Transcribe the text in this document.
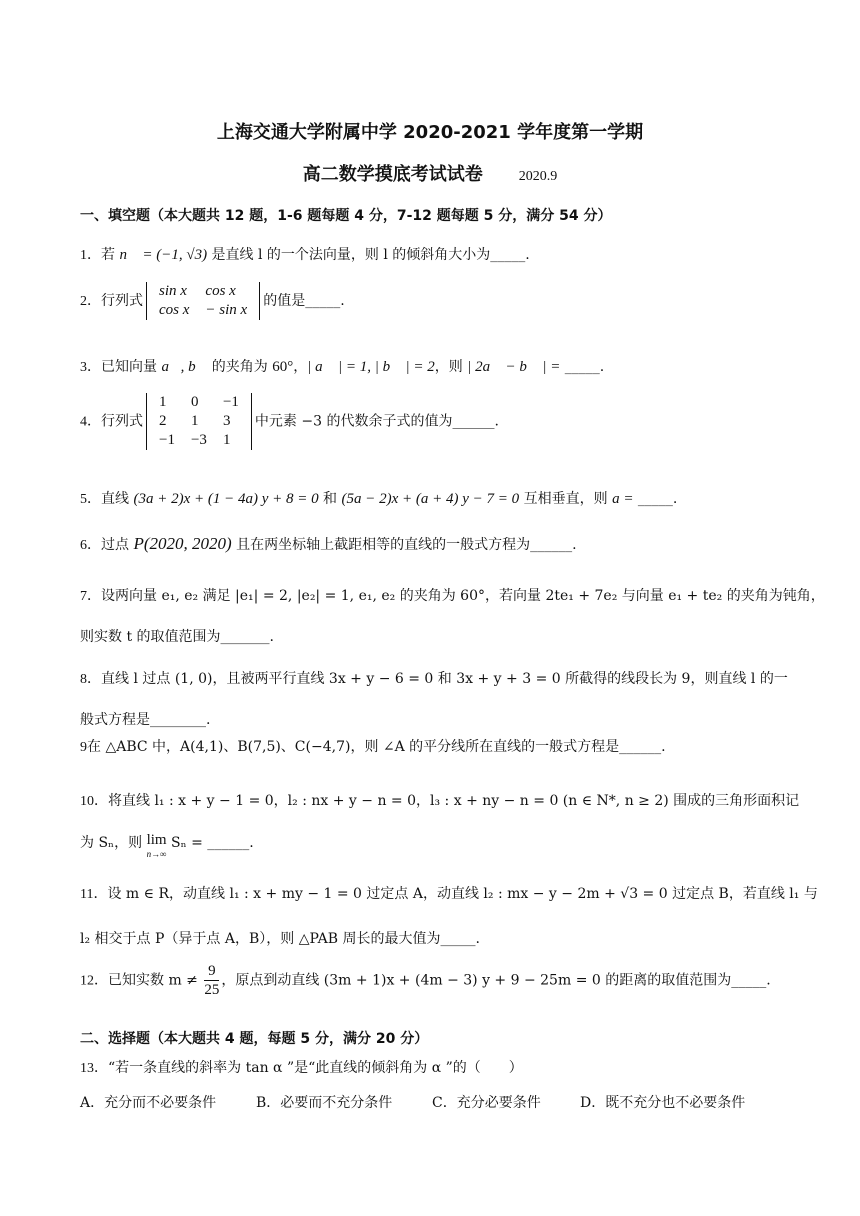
上海交通大学附属中学 2020-2021 学年度第一学期
高二数学摸底考试试卷	2020.9
一、填空题（本大题共 12 题，1-6 题每题 4 分，7-12 题每题 5 分，满分 54 分）
1．若 n⃗ = (−1, √3) 是直线 l 的一个法向量，则 l 的倾斜角大小为_____.
2．行列式
sin x	cos x
cos x	− sin x
的值是_____.
3．已知向量 a⃗, b⃗ 的夹角为 60°，| a⃗ | = 1, | b⃗ | = 2，则 | 2a⃗ − b⃗ | = _____.
4．行列式
1	0	−1
2	1	3
−1	−3	1
中元素 −3 的代数余子式的值为______.
5．直线 (3a + 2)x + (1 − 4a) y + 8 = 0 和 (5a − 2)x + (a + 4) y − 7 = 0 互相垂直，则 a = _____.
6．过点 P(2020, 2020) 且在两坐标轴上截距相等的直线的一般式方程为______.
7．设两向量 e₁, e₂ 满足 |e₁| = 2, |e₂| = 1, e₁, e₂ 的夹角为 60°，若向量 2te₁ + 7e₂ 与向量 e₁ + te₂ 的夹角为钝角，
则实数 t 的取值范围为_______.
8．直线 l 过点 (1, 0)，且被两平行直线 3x + y − 6 = 0 和 3x + y + 3 = 0 所截得的线段长为 9，则直线 l 的一
般式方程是________.
9在 △ABC 中，A(4,1)、B(7,5)、C(−4,7)，则 ∠A 的平分线所在直线的一般式方程是______.
10．将直线 l₁ : x + y − 1 = 0，l₂ : nx + y − n = 0，l₃ : x + ny − n = 0 (n ∈ N*, n ≥ 2) 围成的三角形面积记
为 Sₙ，则 lim
n→∞
Sₙ = ______.
11．设 m ∈ R，动直线 l₁ : x + my − 1 = 0 过定点 A，动直线 l₂ : mx − y − 2m + √3 = 0 过定点 B，若直线 l₁ 与
l₂ 相交于点 P（异于点 A，B），则 △PAB 周长的最大值为_____.
12．已知实数 $m \ne \frac{9}{25}$ ，原点到动直线 (3m + 1)x + (4m − 3) y + 9 − 25m = 0 的距离的取值范围为_____.
二、选择题（本大题共 4 题，每题 5 分，满分 20 分）
13．“若一条直线的斜率为 tan α ”是“此直线的倾斜角为 α ”的（　　）
A．充分而不必要条件	B．必要而不充分条件	C．充分必要条件	D．既不充分也不必要条件
